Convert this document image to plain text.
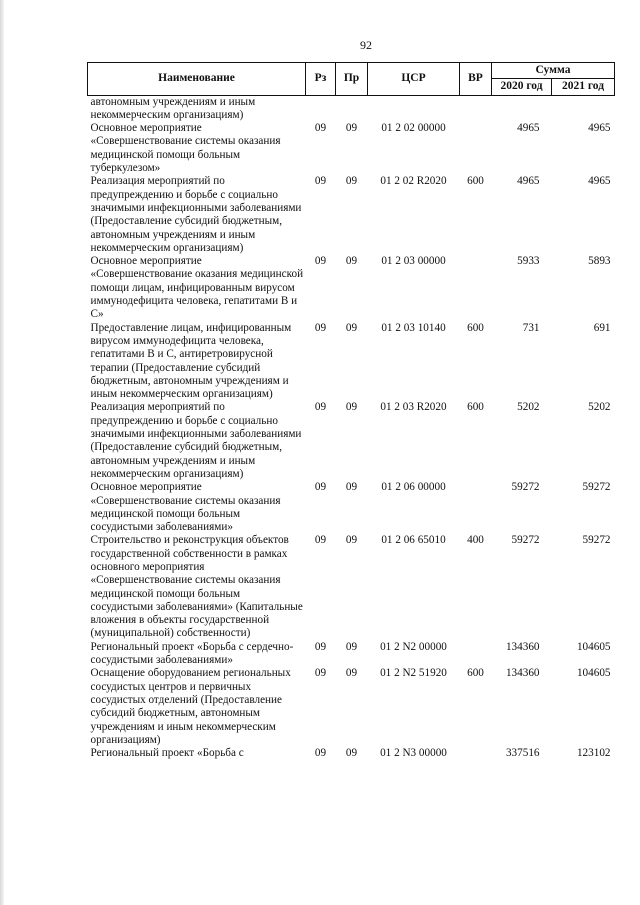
92
Наименование	Рз	Пр	ЦСР	ВР	Сумма	
					2020 год	2021 год
автономным учреждениям и иным некоммерческим организациям)						
Основное мероприятие «Совершенствование системы оказания медицинской помощи больным туберкулезом»	09	09	01 2 02 00000		4965	4965
Реализация мероприятий по предупреждению и борьбе с социально значимыми инфекционными заболеваниями (Предоставление субсидий бюджетным, автономным учреждениям и иным некоммерческим организациям)	09	09	01 2 02 R2020	600	4965	4965
Основное мероприятие «Совершенствование оказания медицинской помощи лицам, инфицированным вирусом иммунодефицита человека, гепатитами В и С»	09	09	01 2 03 00000		5933	5893
Предоставление лицам, инфицированным вирусом иммунодефицита человека, гепатитами В и С, антиретровирусной терапии (Предоставление субсидий бюджетным, автономным учреждениям и иным некоммерческим организациям)	09	09	01 2 03 10140	600	731	691
Реализация мероприятий по предупреждению и борьбе с социально значимыми инфекционными заболеваниями (Предоставление субсидий бюджетным, автономным учреждениям и иным некоммерческим организациям)	09	09	01 2 03 R2020	600	5202	5202
Основное мероприятие «Совершенствование системы оказания медицинской помощи больным сосудистыми заболеваниями»	09	09	01 2 06 00000		59272	59272
Строительство и реконструкция объектов государственной собственности в рамках основного мероприятия «Совершенствование системы оказания медицинской помощи больным сосудистыми заболеваниями» (Капитальные вложения в объекты государственной (муниципальной) собственности)	09	09	01 2 06 65010	400	59272	59272
Региональный проект «Борьба с сердечно-сосудистыми заболеваниями»	09	09	01 2 N2 00000		134360	104605
Оснащение оборудованием региональных сосудистых центров и первичных сосудистых отделений (Предоставление субсидий бюджетным, автономным учреждениям и иным некоммерческим организациям)	09	09	01 2 N2 51920	600	134360	104605
Региональный проект «Борьба с	09	09	01 2 N3 00000		337516	123102
